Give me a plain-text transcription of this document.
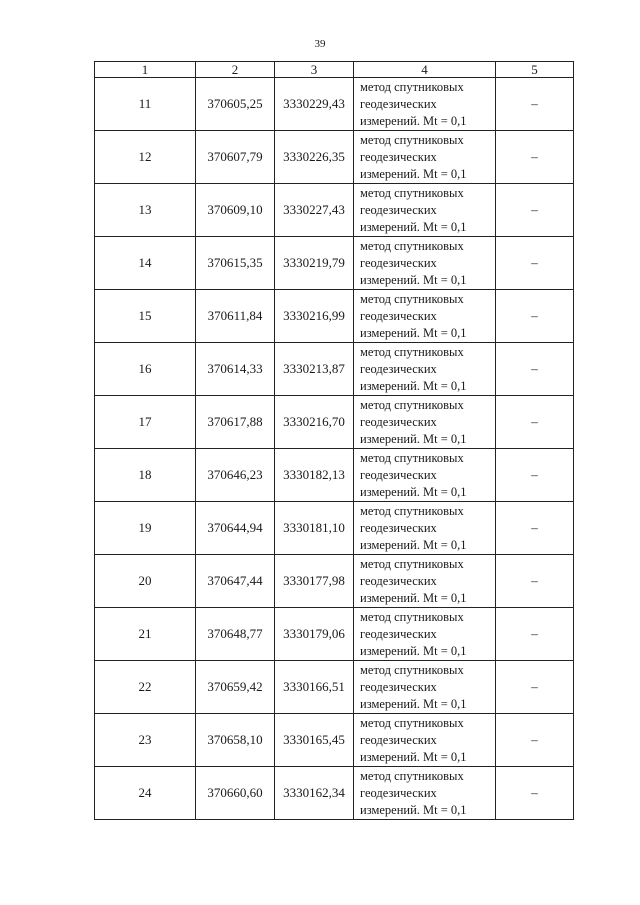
39
1	2	3	4	5
11	370605,25	3330229,43	метод спутниковых
геодезических
измерений. Mt = 0,1	–
12	370607,79	3330226,35	метод спутниковых
геодезических
измерений. Mt = 0,1	–
13	370609,10	3330227,43	метод спутниковых
геодезических
измерений. Mt = 0,1	–
14	370615,35	3330219,79	метод спутниковых
геодезических
измерений. Mt = 0,1	–
15	370611,84	3330216,99	метод спутниковых
геодезических
измерений. Mt = 0,1	–
16	370614,33	3330213,87	метод спутниковых
геодезических
измерений. Mt = 0,1	–
17	370617,88	3330216,70	метод спутниковых
геодезических
измерений. Mt = 0,1	–
18	370646,23	3330182,13	метод спутниковых
геодезических
измерений. Mt = 0,1	–
19	370644,94	3330181,10	метод спутниковых
геодезических
измерений. Mt = 0,1	–
20	370647,44	3330177,98	метод спутниковых
геодезических
измерений. Mt = 0,1	–
21	370648,77	3330179,06	метод спутниковых
геодезических
измерений. Mt = 0,1	–
22	370659,42	3330166,51	метод спутниковых
геодезических
измерений. Mt = 0,1	–
23	370658,10	3330165,45	метод спутниковых
геодезических
измерений. Mt = 0,1	–
24	370660,60	3330162,34	метод спутниковых
геодезических
измерений. Mt = 0,1	–
